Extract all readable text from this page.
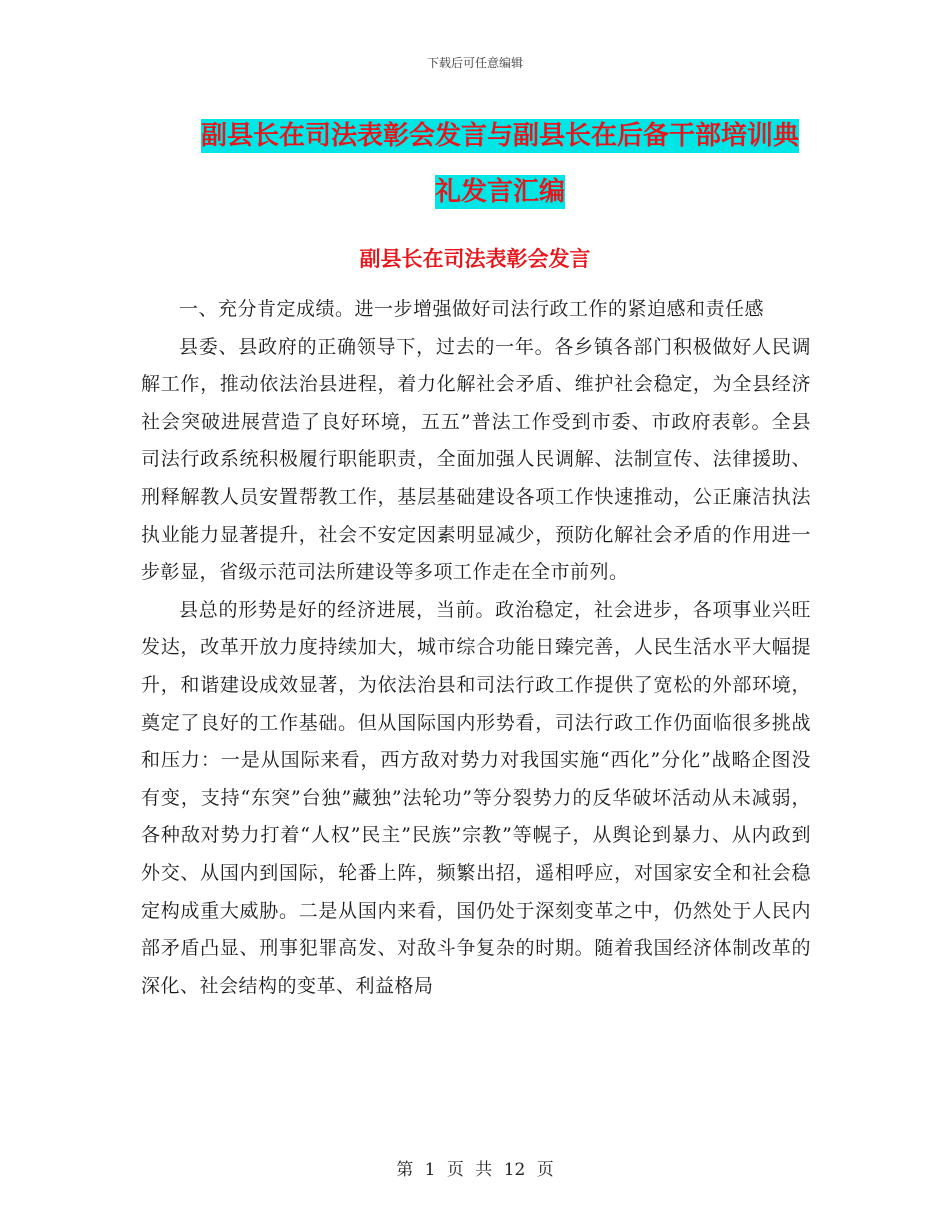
下载后可任意编辑
副县长在司法表彰会发言与副县长在后备干部培训典
礼发言汇编
副县长在司法表彰会发言

一、充分肯定成绩。进一步增强做好司法行政工作的紧迫感和责任感

县委、县政府的正确领导下，过去的一年。各乡镇各部门积极做好人民调解工作，推动依法治县进程，着力化解社会矛盾、维护社会稳定，为全县经济社会突破进展营造了良好环境，五五”普法工作受到市委、市政府表彰。全县司法行政系统积极履行职能职责，全面加强人民调解、法制宣传、法律援助、刑释解教人员安置帮教工作，基层基础建设各项工作快速推动，公正廉洁执法执业能力显著提升，社会不安定因素明显减少，预防化解社会矛盾的作用进一步彰显，省级示范司法所建设等多项工作走在全市前列。

县总的形势是好的经济进展，当前。政治稳定，社会进步，各项事业兴旺发达，改革开放力度持续加大，城市综合功能日臻完善，人民生活水平大幅提升，和谐建设成效显著，为依法治县和司法行政工作提供了宽松的外部环境，奠定了良好的工作基础。但从国际国内形势看，司法行政工作仍面临很多挑战和压力：一是从国际来看，西方敌对势力对我国实施“西化”分化”战略企图没有变，支持“东突”台独”藏独”法轮功”等分裂势力的反华破坏活动从未减弱，各种敌对势力打着“人权”民主”民族”宗教”等幌子，从舆论到暴力、从内政到外交、从国内到国际，轮番上阵，频繁出招，遥相呼应，对国家安全和社会稳定构成重大威胁。二是从国内来看，国仍处于深刻变革之中，仍然处于人民内部矛盾凸显、刑事犯罪高发、对敌斗争复杂的时期。随着我国经济体制改革的深化、社会结构的变革、利益格局

第 1 页 共 12 页
